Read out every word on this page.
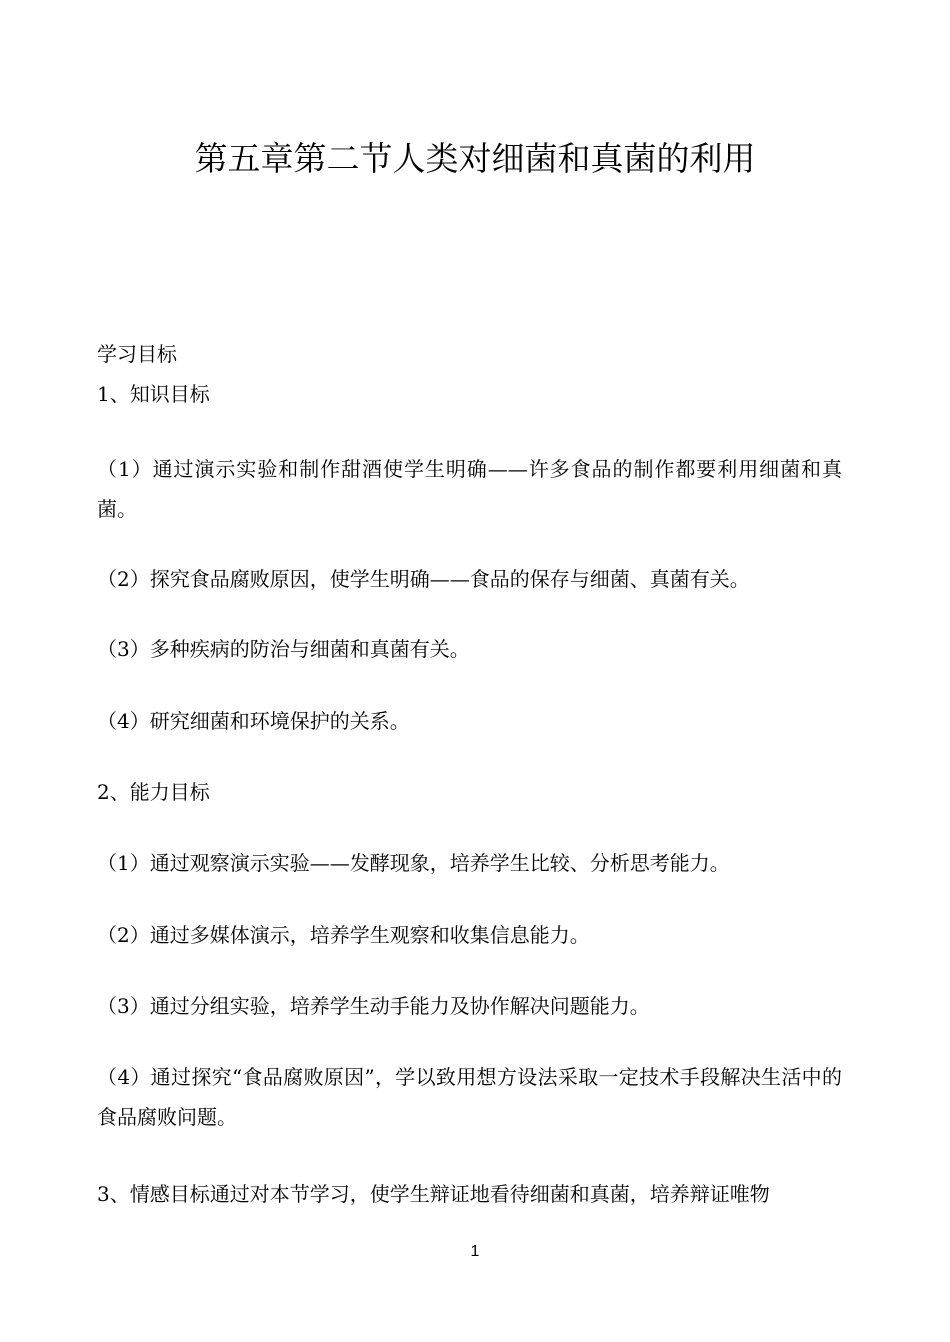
第五章第二节人类对细菌和真菌的利用
学习目标
1、知识目标
（1）通过演示实验和制作甜酒使学生明确——许多食品的制作都要利用细菌和真菌。
（2）探究食品腐败原因，使学生明确——食品的保存与细菌、真菌有关。
（3）多种疾病的防治与细菌和真菌有关。
（4）研究细菌和环境保护的关系。
2、能力目标
（1）通过观察演示实验——发酵现象，培养学生比较、分析思考能力。
（2）通过多媒体演示，培养学生观察和收集信息能力。
（3）通过分组实验，培养学生动手能力及协作解决问题能力。
（4）通过探究“食品腐败原因”，学以致用想方设法采取一定技术手段解决生活中的食品腐败问题。
3、情感目标通过对本节学习，使学生辩证地看待细菌和真菌，培养辩证唯物
1
